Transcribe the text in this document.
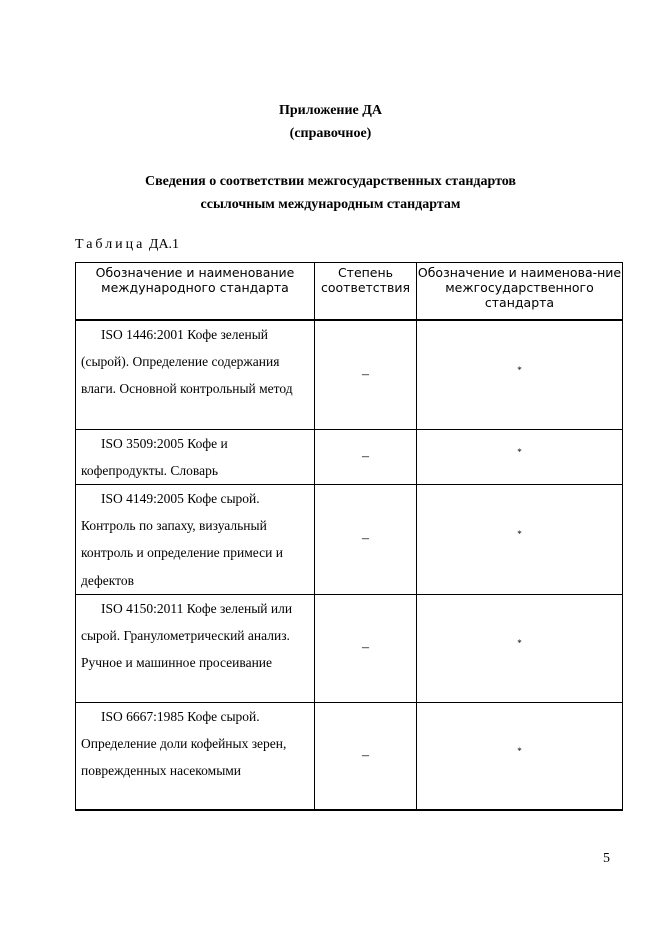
Приложение ДА
(справочное)
Сведения о соответствии межгосударственных стандартов
ссылочным международным стандартам
Таблица ДА.1
Обозначение и наименование международного стандарта	Степень соответствия	Обозначение и наименова-ние межгосударственного стандарта
ISO 1446:2001 Кофе зеленый (сырой). Определение содержания влаги. Основной контрольный метод	–	*
ISO 3509:2005 Кофе и кофепродукты. Словарь	–	*
ISO 4149:2005 Кофе сырой. Контроль по запаху, визуальный контроль и определение примеси и дефектов	–	*
ISO 4150:2011 Кофе зеленый или сырой. Гранулометрический анализ. Ручное и машинное просеивание	–	*
ISO 6667:1985 Кофе сырой. Определение доли кофейных зерен, поврежденных насекомыми	–	*
5
